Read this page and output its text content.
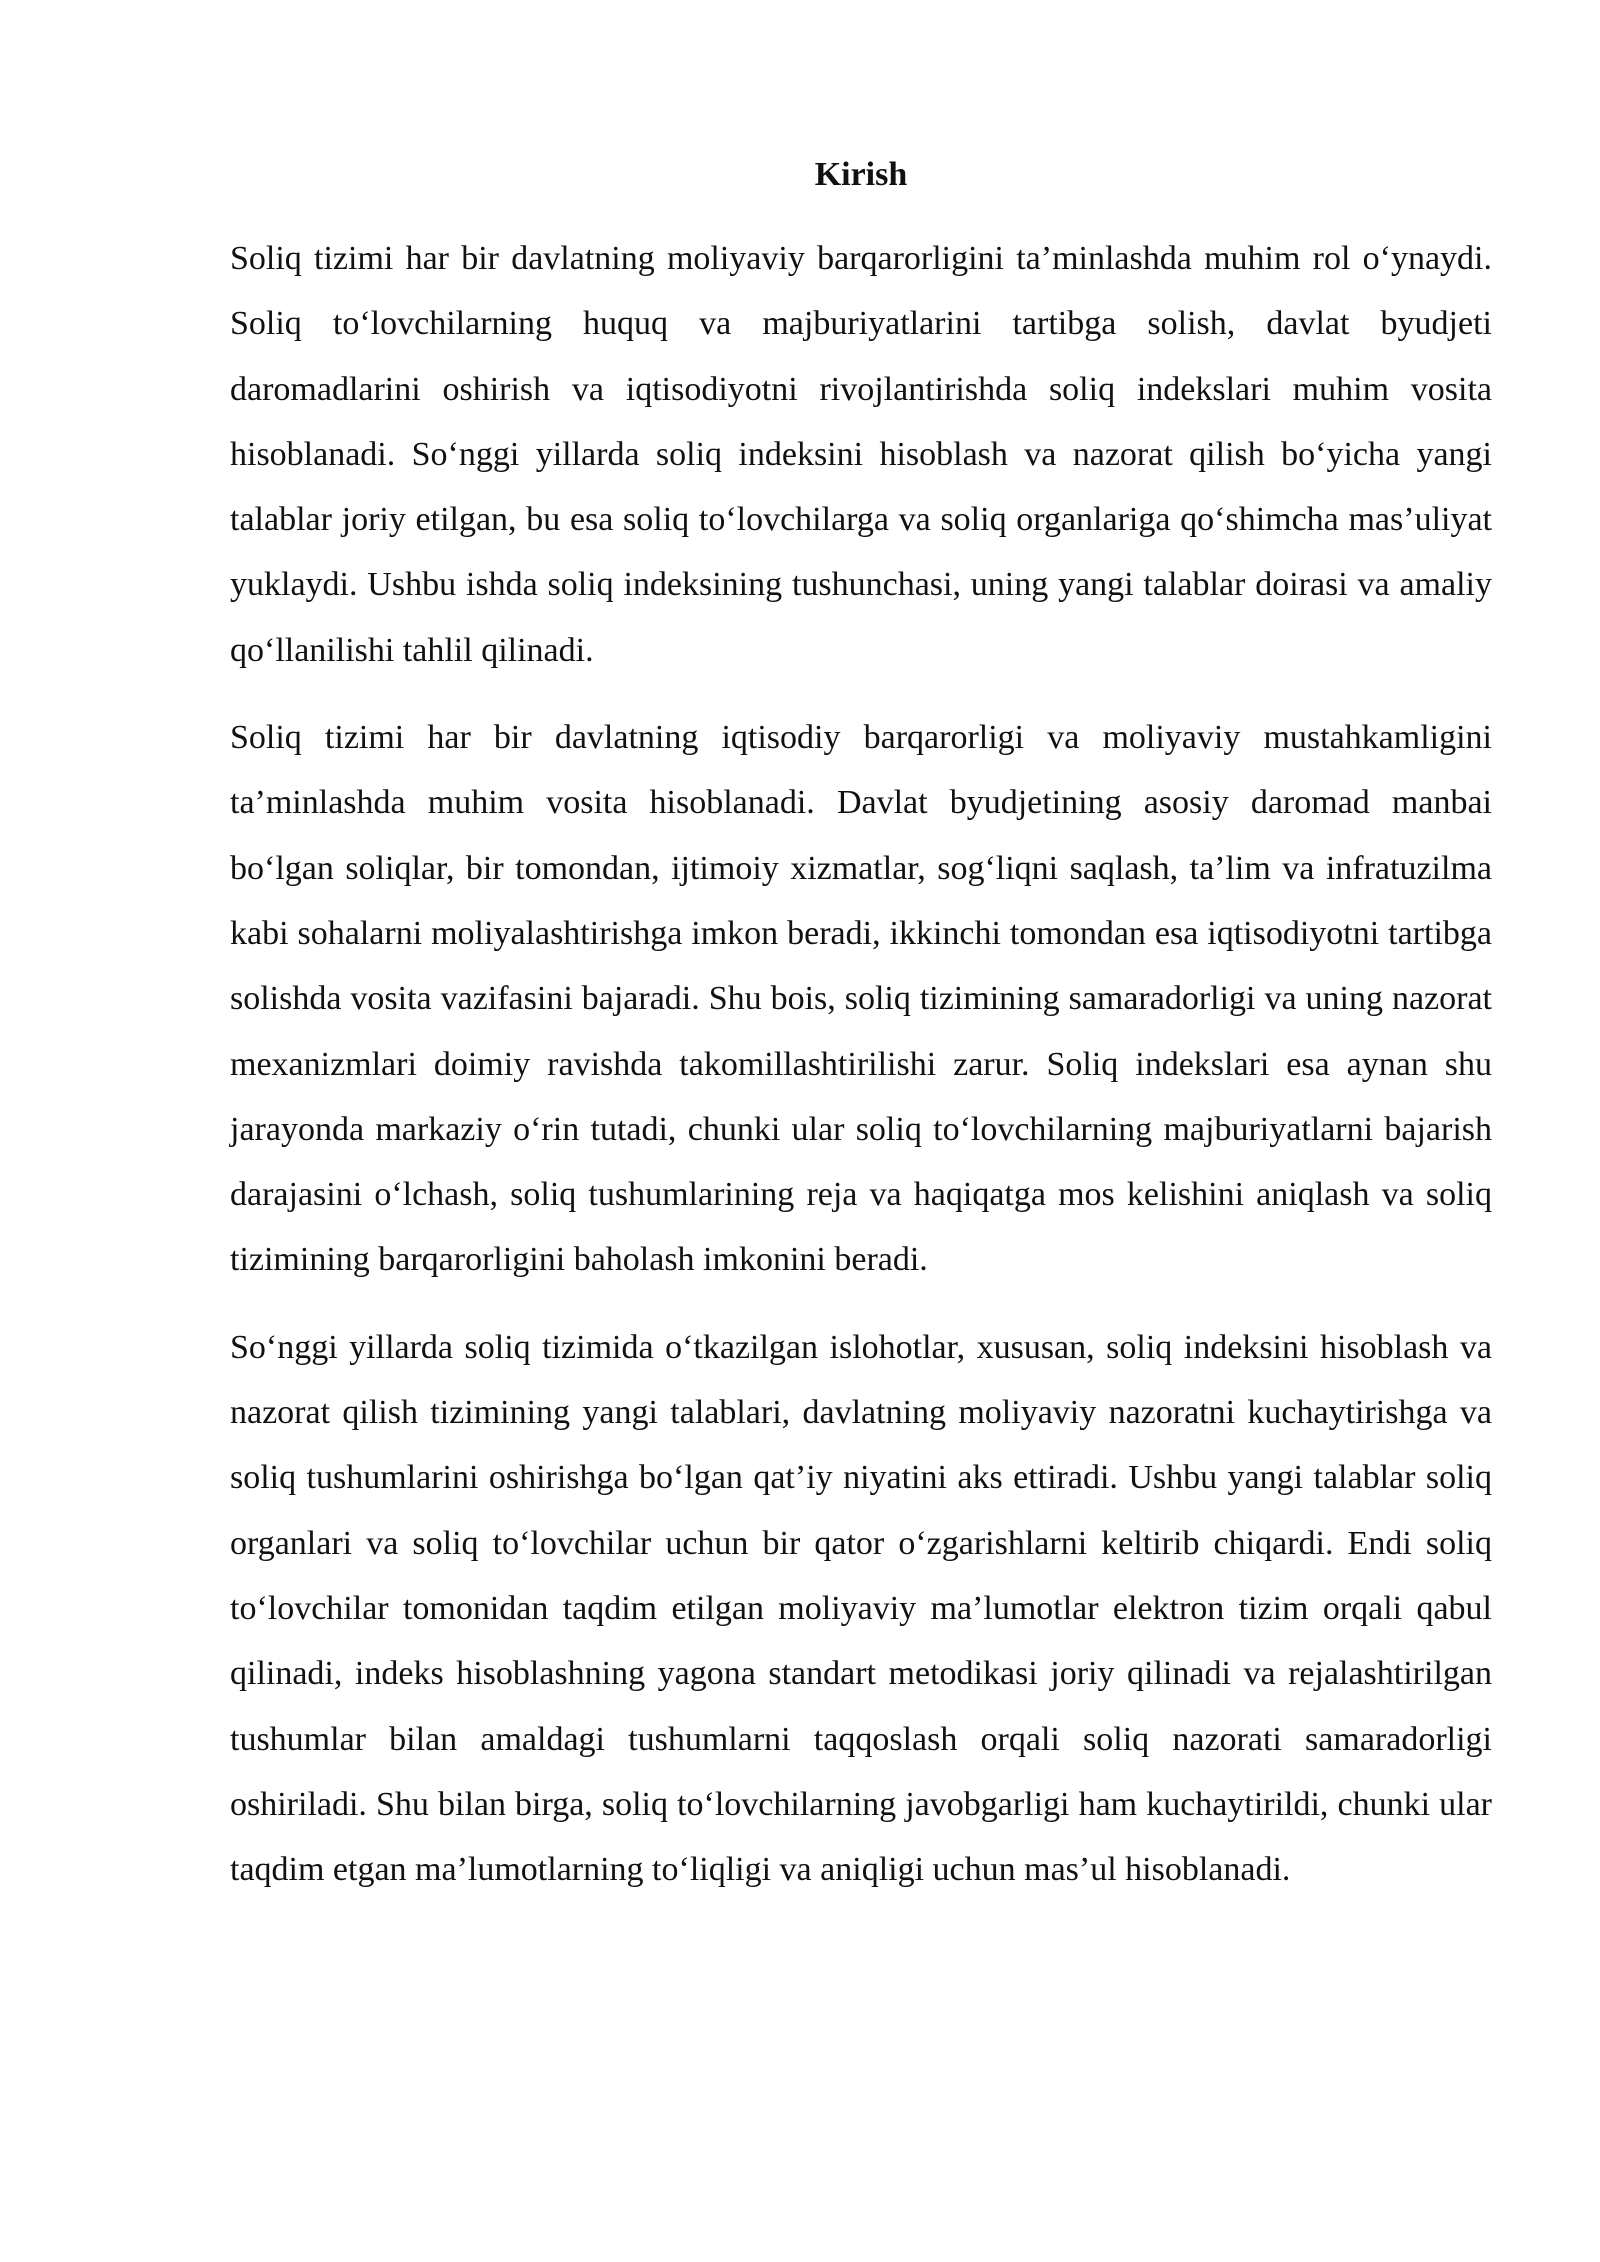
Kirish

Soliq tizimi har bir davlatning moliyaviy barqarorligini ta’minlashda muhim rol o‘ynaydi. Soliq to‘lovchilarning huquq va majburiyatlarini tartibga solish, davlat byudjeti daromadlarini oshirish va iqtisodiyotni rivojlantirishda soliq indekslari muhim vosita hisoblanadi. So‘nggi yillarda soliq indeksini hisoblash va nazorat qilish bo‘yicha yangi talablar joriy etilgan, bu esa soliq to‘lovchilarga va soliq organlariga qo‘shimcha mas’uliyat yuklaydi. Ushbu ishda soliq indeksining tushunchasi, uning yangi talablar doirasi va amaliy qo‘llanilishi tahlil qilinadi.

Soliq tizimi har bir davlatning iqtisodiy barqarorligi va moliyaviy mustahkamligini ta’minlashda muhim vosita hisoblanadi. Davlat byudjetining asosiy daromad manbai bo‘lgan soliqlar, bir tomondan, ijtimoiy xizmatlar, sog‘liqni saqlash, ta’lim va infratuzilma kabi sohalarni moliyalashtirishga imkon beradi, ikkinchi tomondan esa iqtisodiyotni tartibga solishda vosita vazifasini bajaradi. Shu bois, soliq tizimining samaradorligi va uning nazorat mexanizmlari doimiy ravishda takomillashtirilishi zarur. Soliq indekslari esa aynan shu jarayonda markaziy o‘rin tutadi, chunki ular soliq to‘lovchilarning majburiyatlarni bajarish darajasini o‘lchash, soliq tushumlarining reja va haqiqatga mos kelishini aniqlash va soliq tizimining barqarorligini baholash imkonini beradi.

So‘nggi yillarda soliq tizimida o‘tkazilgan islohotlar, xususan, soliq indeksini hisoblash va nazorat qilish tizimining yangi talablari, davlatning moliyaviy nazoratni kuchaytirishga va soliq tushumlarini oshirishga bo‘lgan qat’iy niyatini aks ettiradi. Ushbu yangi talablar soliq organlari va soliq to‘lovchilar uchun bir qator o‘zgarishlarni keltirib chiqardi. Endi soliq to‘lovchilar tomonidan taqdim etilgan moliyaviy ma’lumotlar elektron tizim orqali qabul qilinadi, indeks hisoblashning yagona standart metodikasi joriy qilinadi va rejalashtirilgan tushumlar bilan amaldagi tushumlarni taqqoslash orqali soliq nazorati samaradorligi oshiriladi. Shu bilan birga, soliq to‘lovchilarning javobgarligi ham kuchaytirildi, chunki ular taqdim etgan ma’lumotlarning to‘liqligi va aniqligi uchun mas’ul hisoblanadi.
